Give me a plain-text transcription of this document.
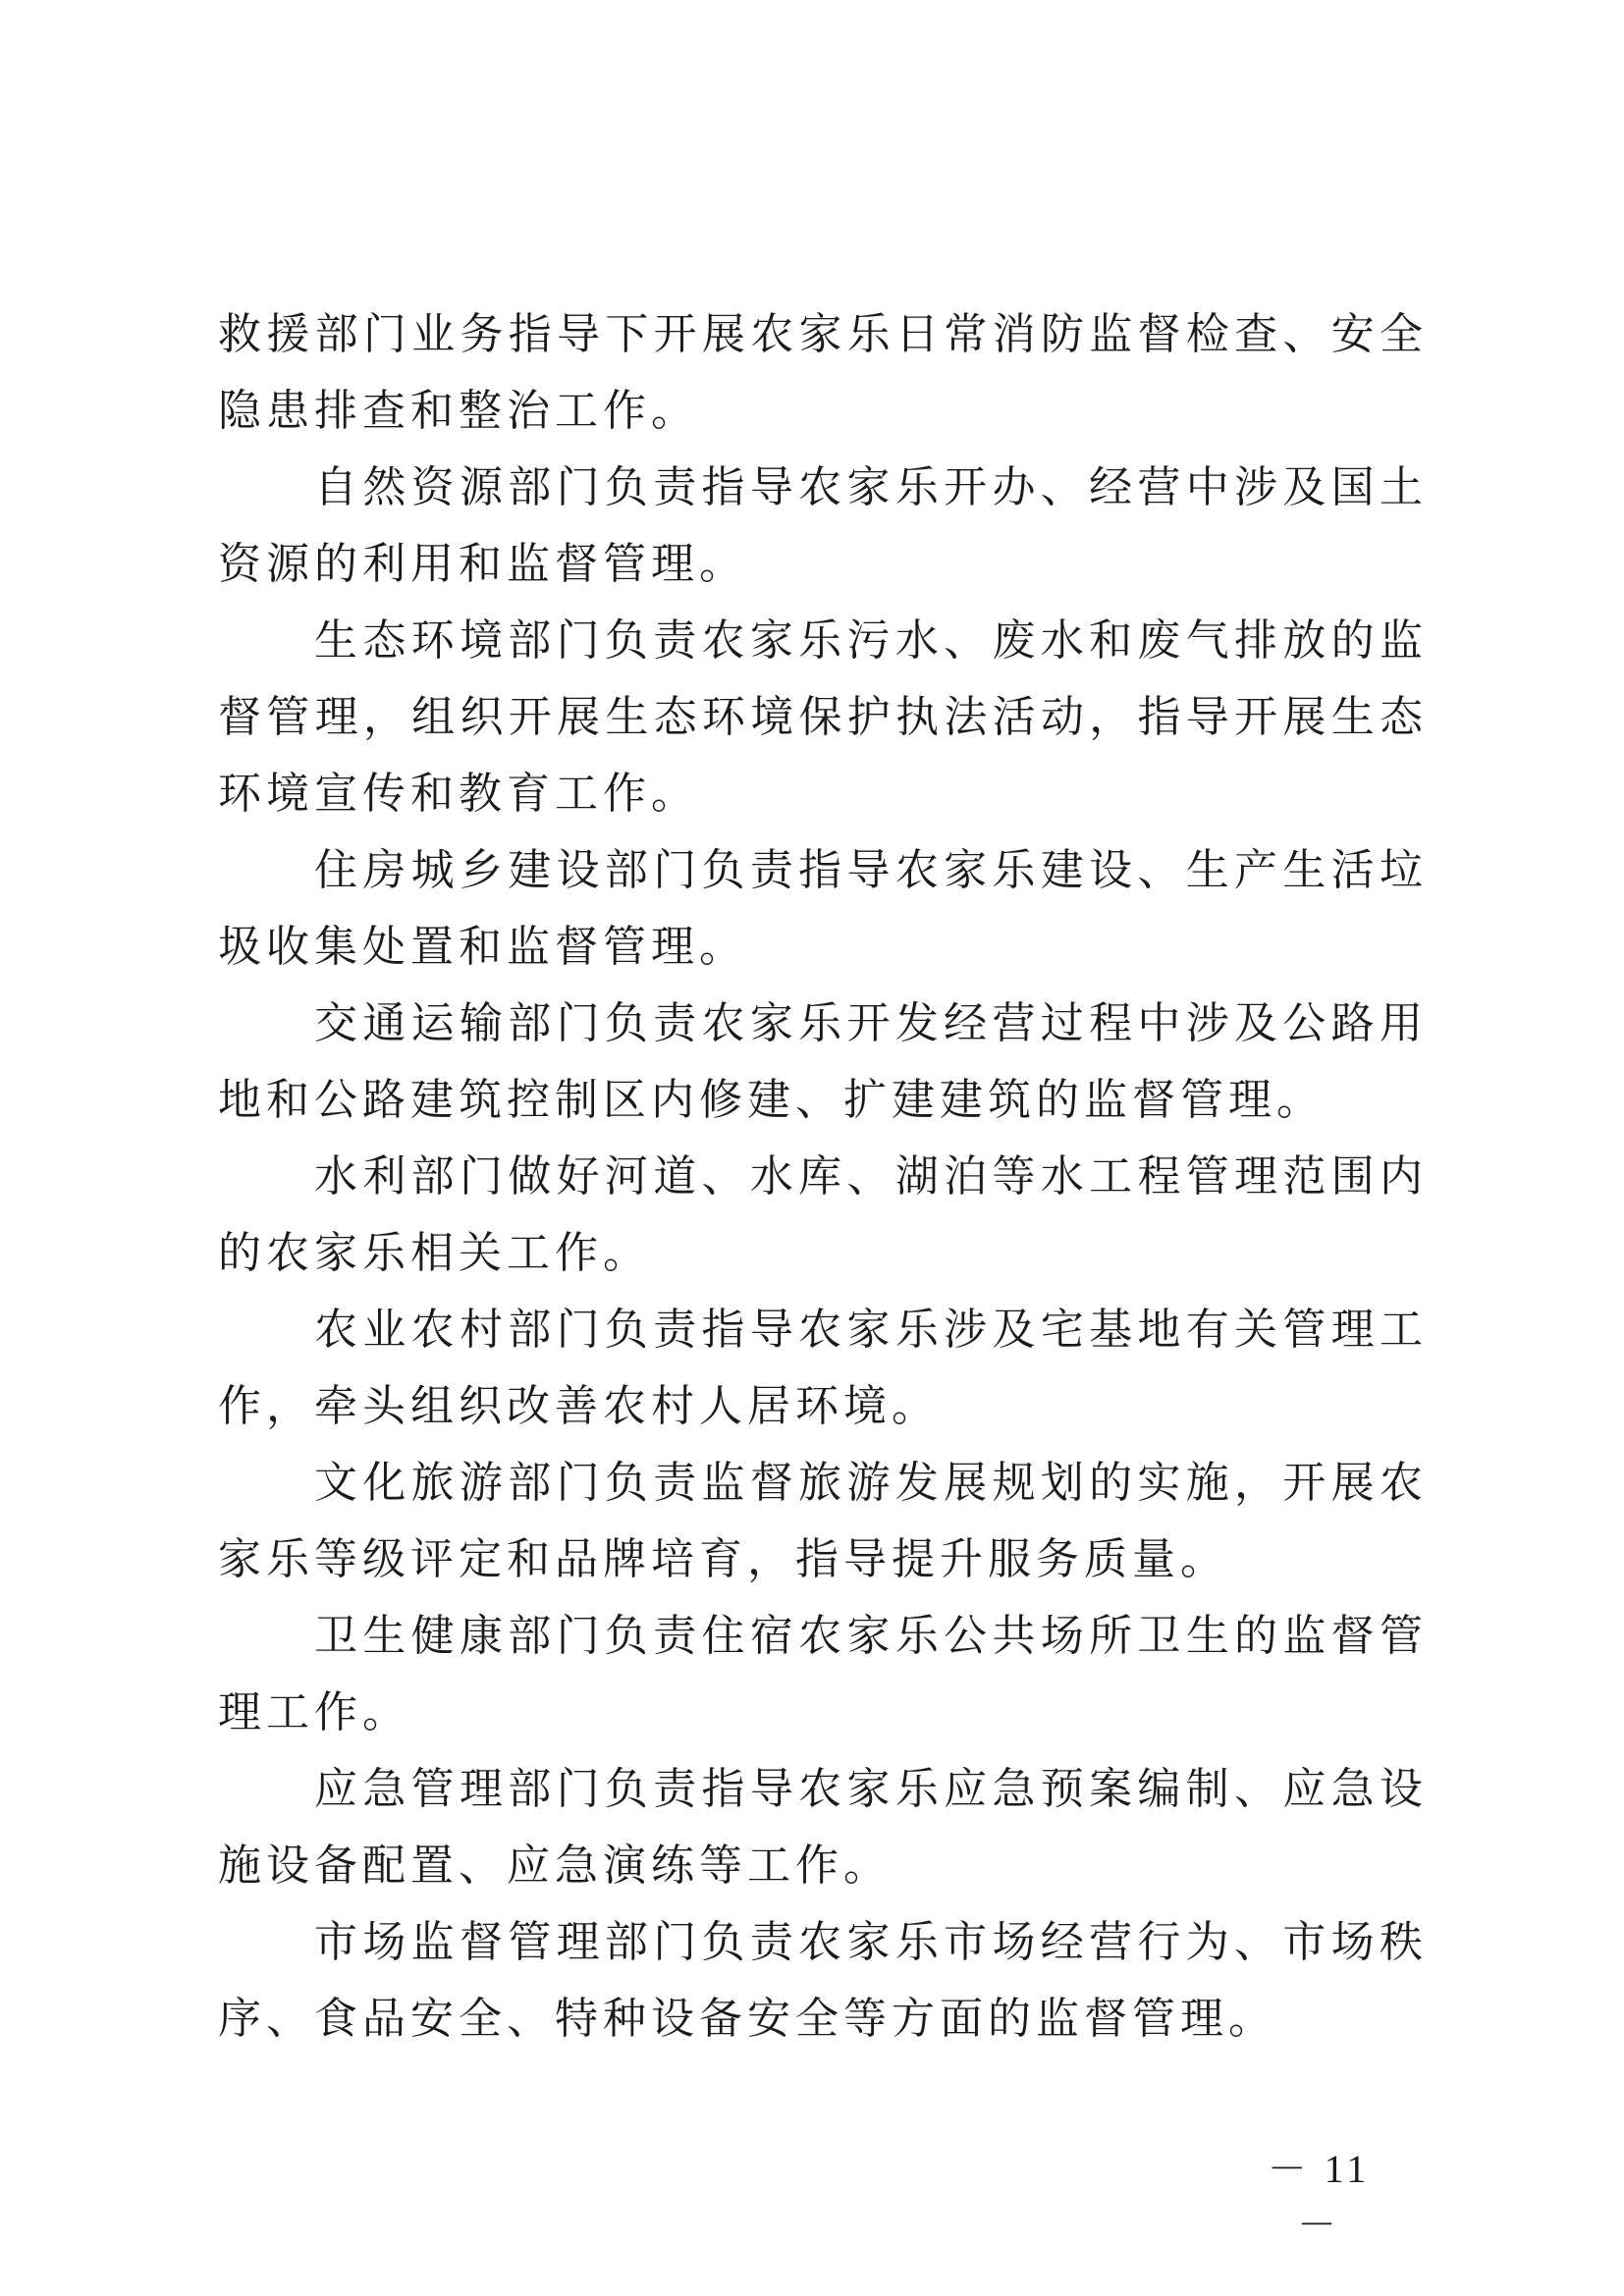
救援部门业务指导下开展农家乐日常消防监督检查、安全隐患排查和整治工作。

自然资源部门负责指导农家乐开办、经营中涉及国土资源的利用和监督管理。

生态环境部门负责农家乐污水、废水和废气排放的监督管理，组织开展生态环境保护执法活动，指导开展生态环境宣传和教育工作。

住房城乡建设部门负责指导农家乐建设、生产生活垃圾收集处置和监督管理。

交通运输部门负责农家乐开发经营过程中涉及公路用地和公路建筑控制区内修建、扩建建筑的监督管理。

水利部门做好河道、水库、湖泊等水工程管理范围内的农家乐相关工作。

农业农村部门负责指导农家乐涉及宅基地有关管理工作，牵头组织改善农村人居环境。

文化旅游部门负责监督旅游发展规划的实施，开展农家乐等级评定和品牌培育，指导提升服务质量。

卫生健康部门负责住宿农家乐公共场所卫生的监督管理工作。

应急管理部门负责指导农家乐应急预案编制、应急设施设备配置、应急演练等工作。

市场监督管理部门负责农家乐市场经营行为、市场秩序、食品安全、特种设备安全等方面的监督管理。

－ 11 －
